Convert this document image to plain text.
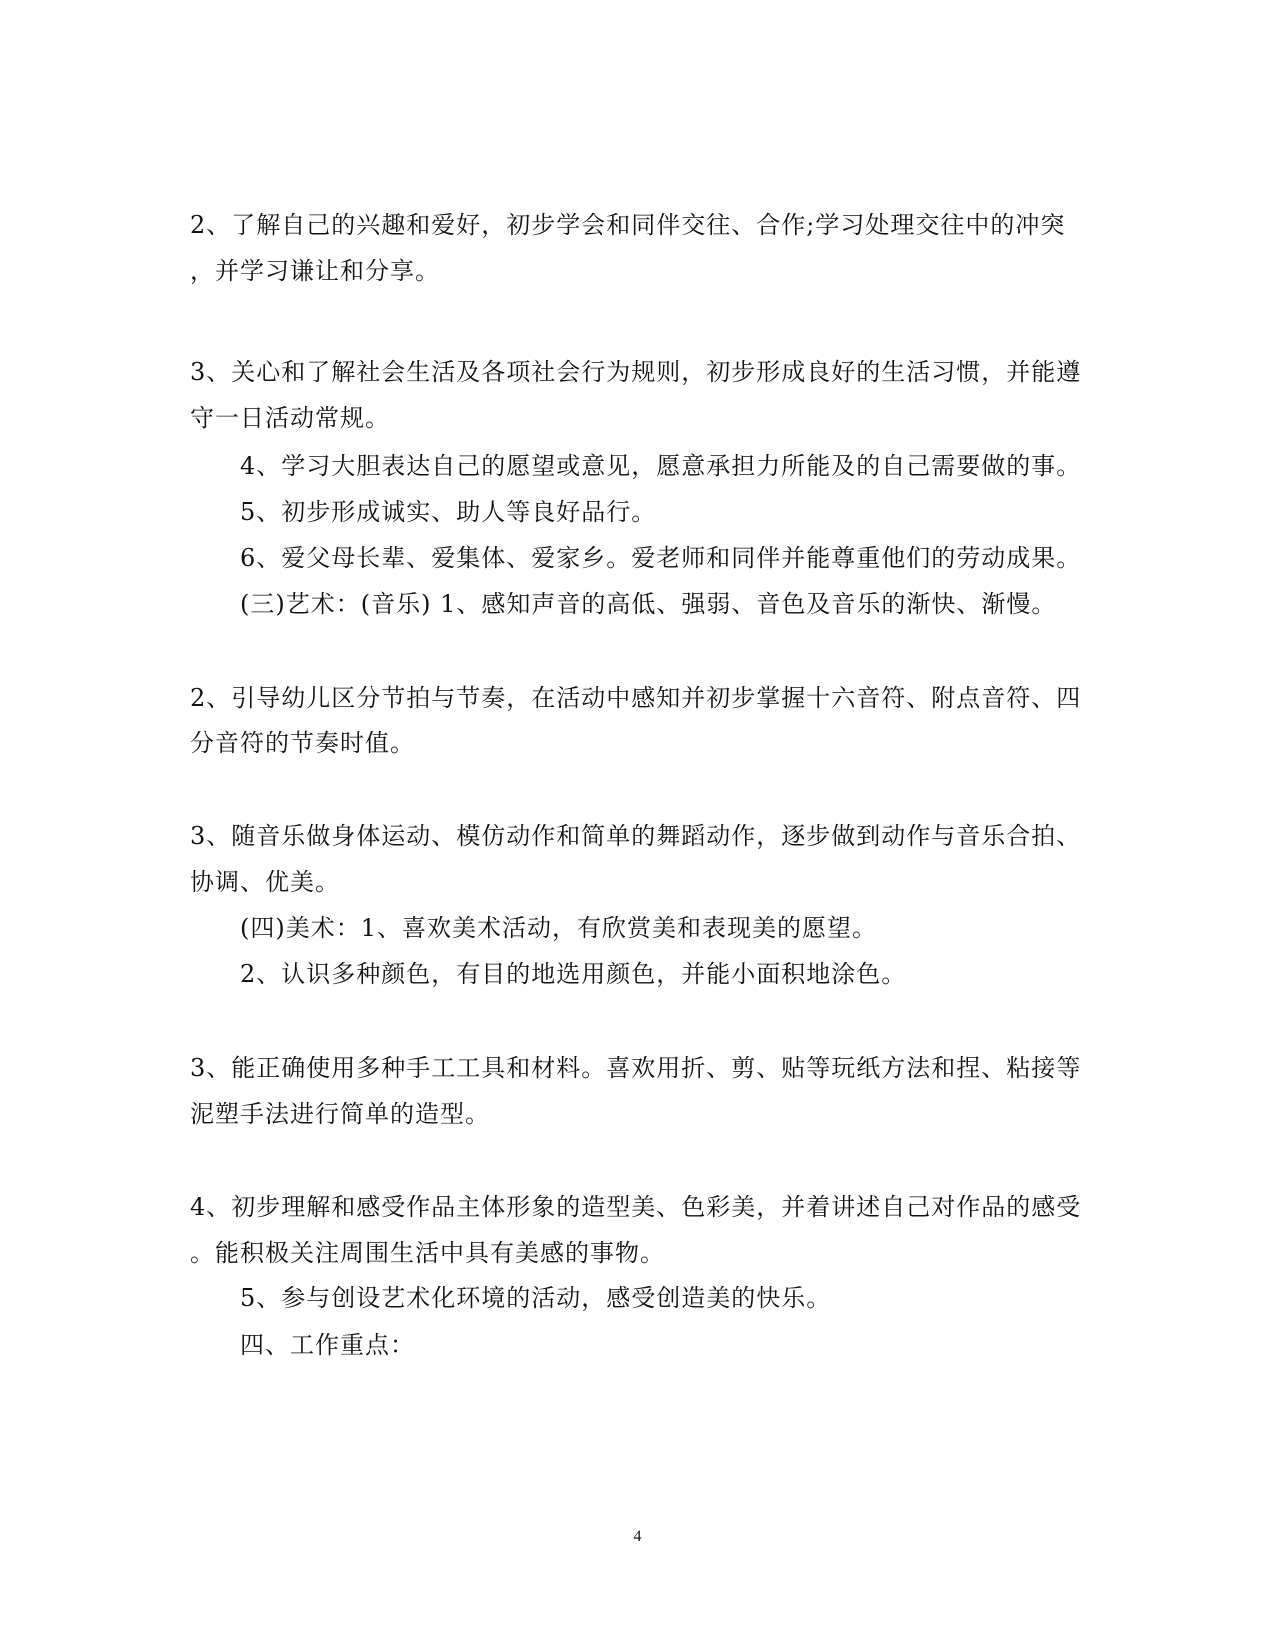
2、了解自己的兴趣和爱好，初步学会和同伴交往、合作;学习处理交往中的冲突
，并学习谦让和分享。
3、关心和了解社会生活及各项社会行为规则，初步形成良好的生活习惯，并能遵
守一日活动常规。
4、学习大胆表达自己的愿望或意见，愿意承担力所能及的自己需要做的事。
5、初步形成诚实、助人等良好品行。
6、爱父母长辈、爱集体、爱家乡。爱老师和同伴并能尊重他们的劳动成果。
(三)艺术：(音乐) 1、感知声音的高低、强弱、音色及音乐的渐快、渐慢。
2、引导幼儿区分节拍与节奏，在活动中感知并初步掌握十六音符、附点音符、四
分音符的节奏时值。
3、随音乐做身体运动、模仿动作和简单的舞蹈动作，逐步做到动作与音乐合拍、
协调、优美。
(四)美术：1、喜欢美术活动，有欣赏美和表现美的愿望。
2、认识多种颜色，有目的地选用颜色，并能小面积地涂色。
3、能正确使用多种手工工具和材料。喜欢用折、剪、贴等玩纸方法和捏、粘接等
泥塑手法进行简单的造型。
4、初步理解和感受作品主体形象的造型美、色彩美，并着讲述自己对作品的感受
。能积极关注周围生活中具有美感的事物。
5、参与创设艺术化环境的活动，感受创造美的快乐。
四、工作重点：
4
